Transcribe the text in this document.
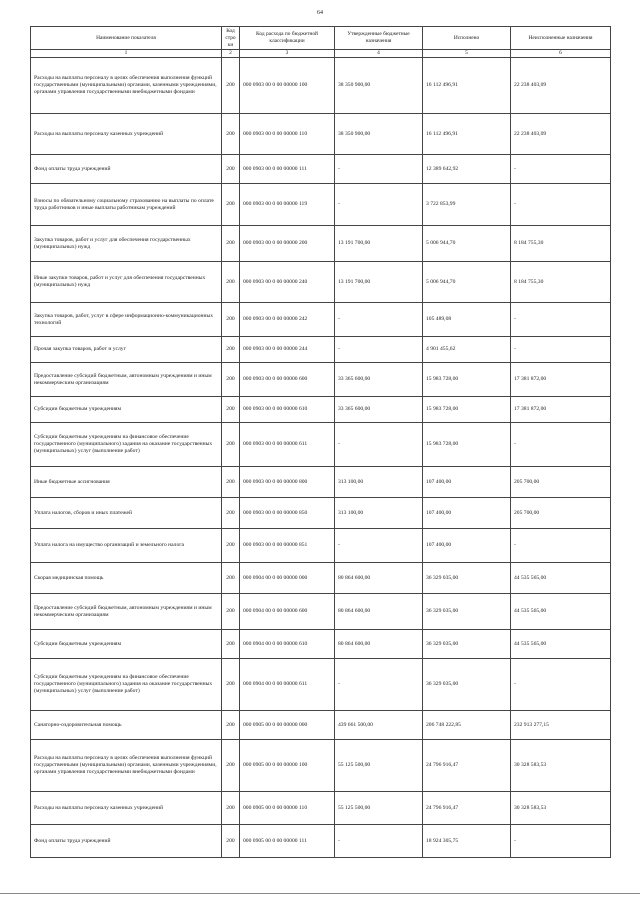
64
Наименование показателя	Код строки	Код расхода по бюджетной классификации	Утвержденные бюджетные назначения	Исполнено	Неисполненные назначения
1	2	3	4	5	6
Расходы на выплаты персоналу в целях обеспечения выполнения функций государственными (муниципальными) органами, казенными учреждениями, органами управления государственными внебюджетными фондами	200	000 0903 00 0 00 00000 100	38 350 900,00	16 112 496,91	22 238 403,09
Расходы на выплаты персоналу казенных учреждений	200	000 0903 00 0 00 00000 110	38 350 900,00	16 112 496,91	22 238 403,09
Фонд оплаты труда учреждений	200	000 0903 00 0 00 00000 111	-	12 389 642,92	-
Взносы по обязательному социальному страхованию на выплаты по оплате труда работников и иные выплаты работникам учреждений	200	000 0903 00 0 00 00000 119	-	3 722 853,99	-
Закупка товаров, работ и услуг для обеспечения государственных (муниципальных) нужд	200	000 0903 00 0 00 00000 200	13 191 700,00	5 006 944,70	8 184 755,30
Иные закупки товаров, работ и услуг для обеспечения государственных (муниципальных) нужд	200	000 0903 00 0 00 00000 240	13 191 700,00	5 006 944,70	8 184 755,30
Закупка товаров, работ, услуг в сфере информационно-коммуникационных технологий	200	000 0903 00 0 00 00000 242	-	105 489,08	-
Прочая закупка товаров, работ и услуг	200	000 0903 00 0 00 00000 244	-	4 901 455,62	-
Предоставление субсидий бюджетным, автономным учреждениям и иным некоммерческим организациям	200	000 0903 00 0 00 00000 600	33 365 600,00	15 983 728,00	17 381 872,00
Субсидии бюджетным учреждениям	200	000 0903 00 0 00 00000 610	33 365 600,00	15 983 728,00	17 381 872,00
Субсидии бюджетным учреждениям на финансовое обеспечение государственного (муниципального) задания на оказание государственных (муниципальных) услуг (выполнение работ)	200	000 0903 00 0 00 00000 611	-	15 983 728,00	-
Иные бюджетные ассигнования	200	000 0903 00 0 00 00000 800	313 100,00	107 400,00	205 700,00
Уплата налогов, сборов и иных платежей	200	000 0903 00 0 00 00000 850	313 100,00	107 400,00	205 700,00
Уплата налога на имущество организаций и земельного налога	200	000 0903 00 0 00 00000 851	-	107 400,00	-
Скорая медицинская помощь	200	000 0904 00 0 00 00000 000	80 864 600,00	36 329 035,00	44 535 565,00
Предоставление субсидий бюджетным, автономным учреждениям и иным некоммерческим организациям	200	000 0904 00 0 00 00000 600	80 864 600,00	36 329 035,00	44 535 565,00
Субсидии бюджетным учреждениям	200	000 0904 00 0 00 00000 610	80 864 600,00	36 329 035,00	44 535 565,00
Субсидии бюджетным учреждениям на финансовое обеспечение государственного (муниципального) задания на оказание государственных (муниципальных) услуг (выполнение работ)	200	000 0904 00 0 00 00000 611	-	36 329 035,00	-
Санаторно-оздоровительная помощь	200	000 0905 00 0 00 00000 000	439 661 500,00	206 748 222,85	232 913 277,15
Расходы на выплаты персоналу в целях обеспечения выполнения функций государственными (муниципальными) органами, казенными учреждениями, органами управления государственными внебюджетными фондами	200	000 0905 00 0 00 00000 100	55 125 500,00	24 796 916,47	30 328 583,53
Расходы на выплаты персоналу казенных учреждений	200	000 0905 00 0 00 00000 110	55 125 500,00	24 796 916,47	30 328 583,53
Фонд оплаты труда учреждений	200	000 0905 00 0 00 00000 111	-	18 924 305,75	-
